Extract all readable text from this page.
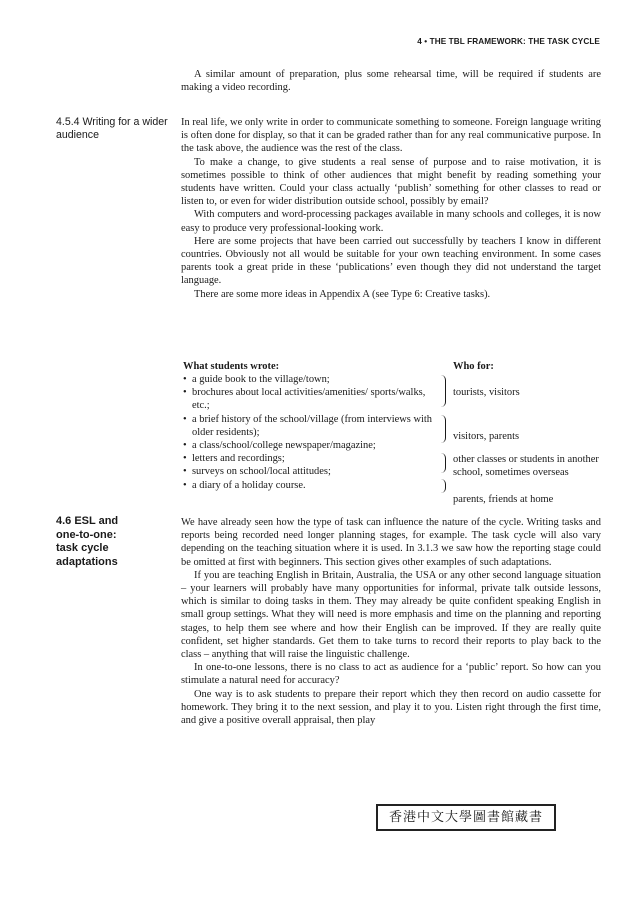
4 • THE TBL FRAMEWORK: THE TASK CYCLE

A similar amount of preparation, plus some rehearsal time, will be required if students are making a video recording.

4.5.4 Writing for a wider audience

In real life, we only write in order to communicate something to someone. Foreign language writing is often done for display, so that it can be graded rather than for any real communicative purpose. In the task above, the audience was the rest of the class.

To make a change, to give students a real sense of purpose and to raise motivation, it is sometimes possible to think of other audiences that might benefit by reading something your students have written. Could your class actually ‘publish’ something for other classes to read or listen to, or even for wider distribution outside school, possibly by email?

With computers and word-processing packages available in many schools and colleges, it is now easy to produce very professional-looking work.

Here are some projects that have been carried out successfully by teachers I know in different countries. Obviously not all would be suitable for your own teaching environment. In some cases parents took a great pride in these ‘publications’ even though they did not understand the target language.

There are some more ideas in Appendix A (see Type 6: Creative tasks).

What students wrote:	Who for:
• a guide book to the village/town;
• brochures about local activities/amenities/ sports/walks, etc.;
• a brief history of the school/village (from interviews with older residents);
• a class/school/college newspaper/magazine;
• letters and recordings;
• surveys on school/local attitudes;
• a diary of a holiday course.
tourists, visitors
visitors, parents
other classes or students in another school, sometimes overseas
parents, friends at home
4.6 ESL and
one-to-one:
task cycle
adaptations

We have already seen how the type of task can influence the nature of the cycle. Writing tasks and reports being recorded need longer planning stages, for example. The task cycle will also vary depending on the teaching situation where it is used. In 3.1.3 we saw how the reporting stage could be omitted at first with beginners. This section gives other examples of such adaptations.

If you are teaching English in Britain, Australia, the USA or any other second language situation – your learners will probably have many opportunities for informal, private talk outside lessons, which is similar to doing tasks in them. They may already be quite confident speaking English in small group settings. What they will need is more emphasis and time on the planning and reporting stages, to help them see where and how their English can be improved. If they are really quite confident, set higher standards. Get them to take turns to record their reports to play back to the class – anything that will raise the linguistic challenge.

In one-to-one lessons, there is no class to act as audience for a ‘public’ report. So how can you stimulate a natural need for accuracy?

One way is to ask students to prepare their report which they then record on audio cassette for homework. They bring it to the next session, and play it to you. Listen right through the first time, and give a positive overall appraisal, then play

香港中文大學圖書館藏書
